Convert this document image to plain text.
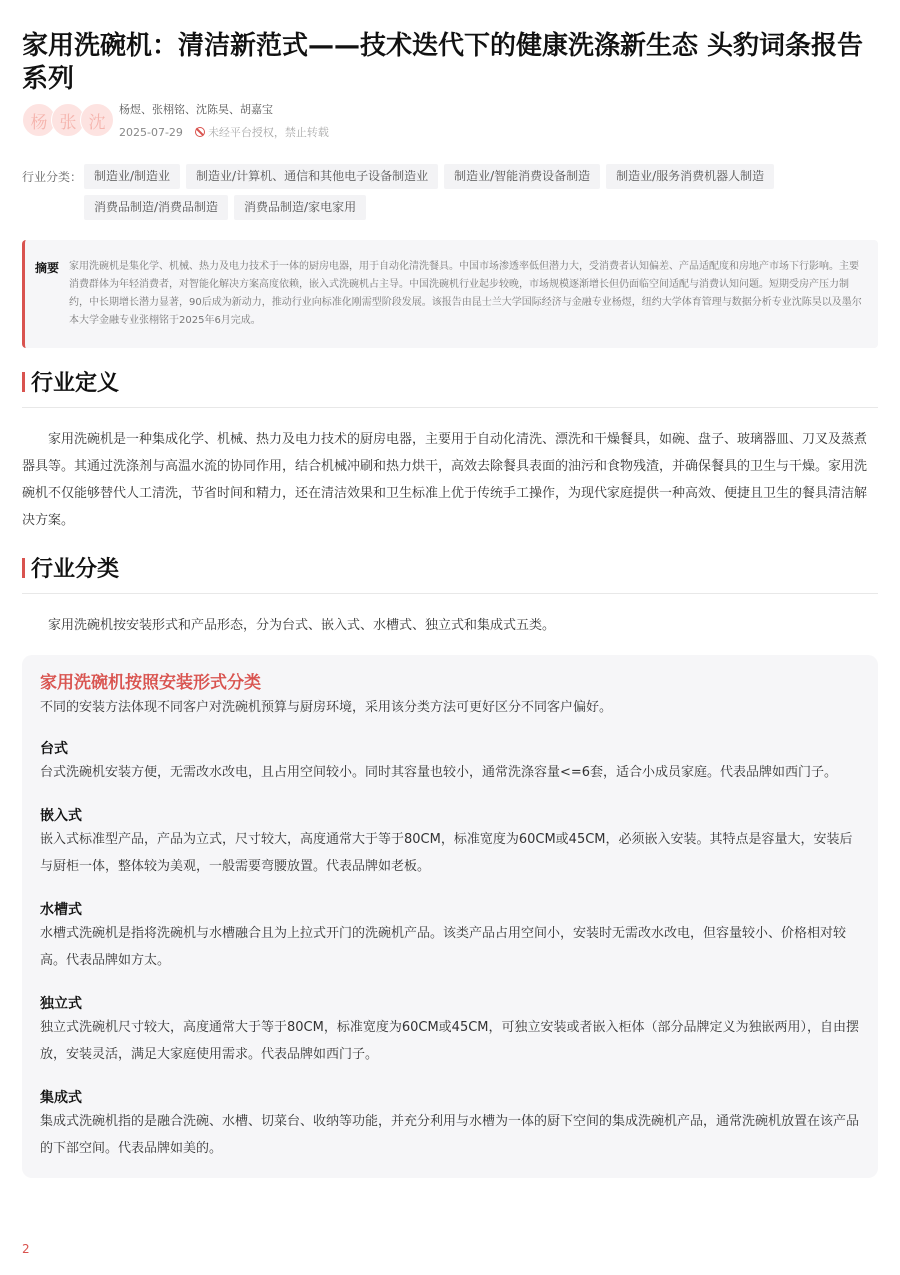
家用洗碗机：清洁新范式——技术迭代下的健康洗涤新生态 头豹词条报告系列
杨 张 沈
杨煜、张栩铭、沈陈昊、胡嘉宝
2025-07-29 未经平台授权，禁止转载
行业分类： 制造业/制造业	制造业/计算机、通信和其他电子设备制造业	制造业/智能消费设备制造	制造业/服务消费机器人制造
消费品制造/消费品制造	消费品制造/家电家用
摘要 家用洗碗机是集化学、机械、热力及电力技术于一体的厨房电器，用于自动化清洗餐具。中国市场渗透率低但潜力大，受消费者认知偏差、产品适配度和房地产市场下行影响。主要消费群体为年轻消费者，对智能化解决方案高度依赖，嵌入式洗碗机占主导。中国洗碗机行业起步较晚，市场规模逐渐增长但仍面临空间适配与消费认知问题。短期受房产压力制约，中长期增长潜力显著，90后成为新动力，推动行业向标准化刚需型阶段发展。该报告由昆士兰大学国际经济与金融专业杨煜，纽约大学体育管理与数据分析专业沈陈昊以及墨尔本大学金融专业张栩铭于2025年6月完成。
行业定义

家用洗碗机是一种集成化学、机械、热力及电力技术的厨房电器，主要用于自动化清洗、漂洗和干燥餐具，如碗、盘子、玻璃器皿、刀叉及蒸煮器具等。其通过洗涤剂与高温水流的协同作用，结合机械冲刷和热力烘干，高效去除餐具表面的油污和食物残渣，并确保餐具的卫生与干燥。家用洗碗机不仅能够替代人工清洗，节省时间和精力，还在清洁效果和卫生标准上优于传统手工操作，为现代家庭提供一种高效、便捷且卫生的餐具清洁解决方案。

行业分类

家用洗碗机按安装形式和产品形态，分为台式、嵌入式、水槽式、独立式和集成式五类。

家用洗碗机按照安装形式分类
不同的安装方法体现不同客户对洗碗机预算与厨房环境，采用该分类方法可更好区分不同客户偏好。
台式
台式洗碗机安装方便，无需改水改电，且占用空间较小。同时其容量也较小，通常洗涤容量<=6套，适合小成员家庭。代表品牌如西门子。
嵌入式
嵌入式标准型产品，产品为立式，尺寸较大，高度通常大于等于80CM，标准宽度为60CM或45CM，必须嵌入安装。其特点是容量大，安装后与厨柜一体，整体较为美观，一般需要弯腰放置。代表品牌如老板。
水槽式
水槽式洗碗机是指将洗碗机与水槽融合且为上拉式开门的洗碗机产品。该类产品占用空间小，安装时无需改水改电，但容量较小、价格相对较高。代表品牌如方太。
独立式
独立式洗碗机尺寸较大，高度通常大于等于80CM，标准宽度为60CM或45CM，可独立安装或者嵌入柜体（部分品牌定义为独嵌两用），自由摆放，安装灵活，满足大家庭使用需求。代表品牌如西门子。
集成式
集成式洗碗机指的是融合洗碗、水槽、切菜台、收纳等功能，并充分利用与水槽为一体的厨下空间的集成洗碗机产品，通常洗碗机放置在该产品的下部空间。代表品牌如美的。
2
